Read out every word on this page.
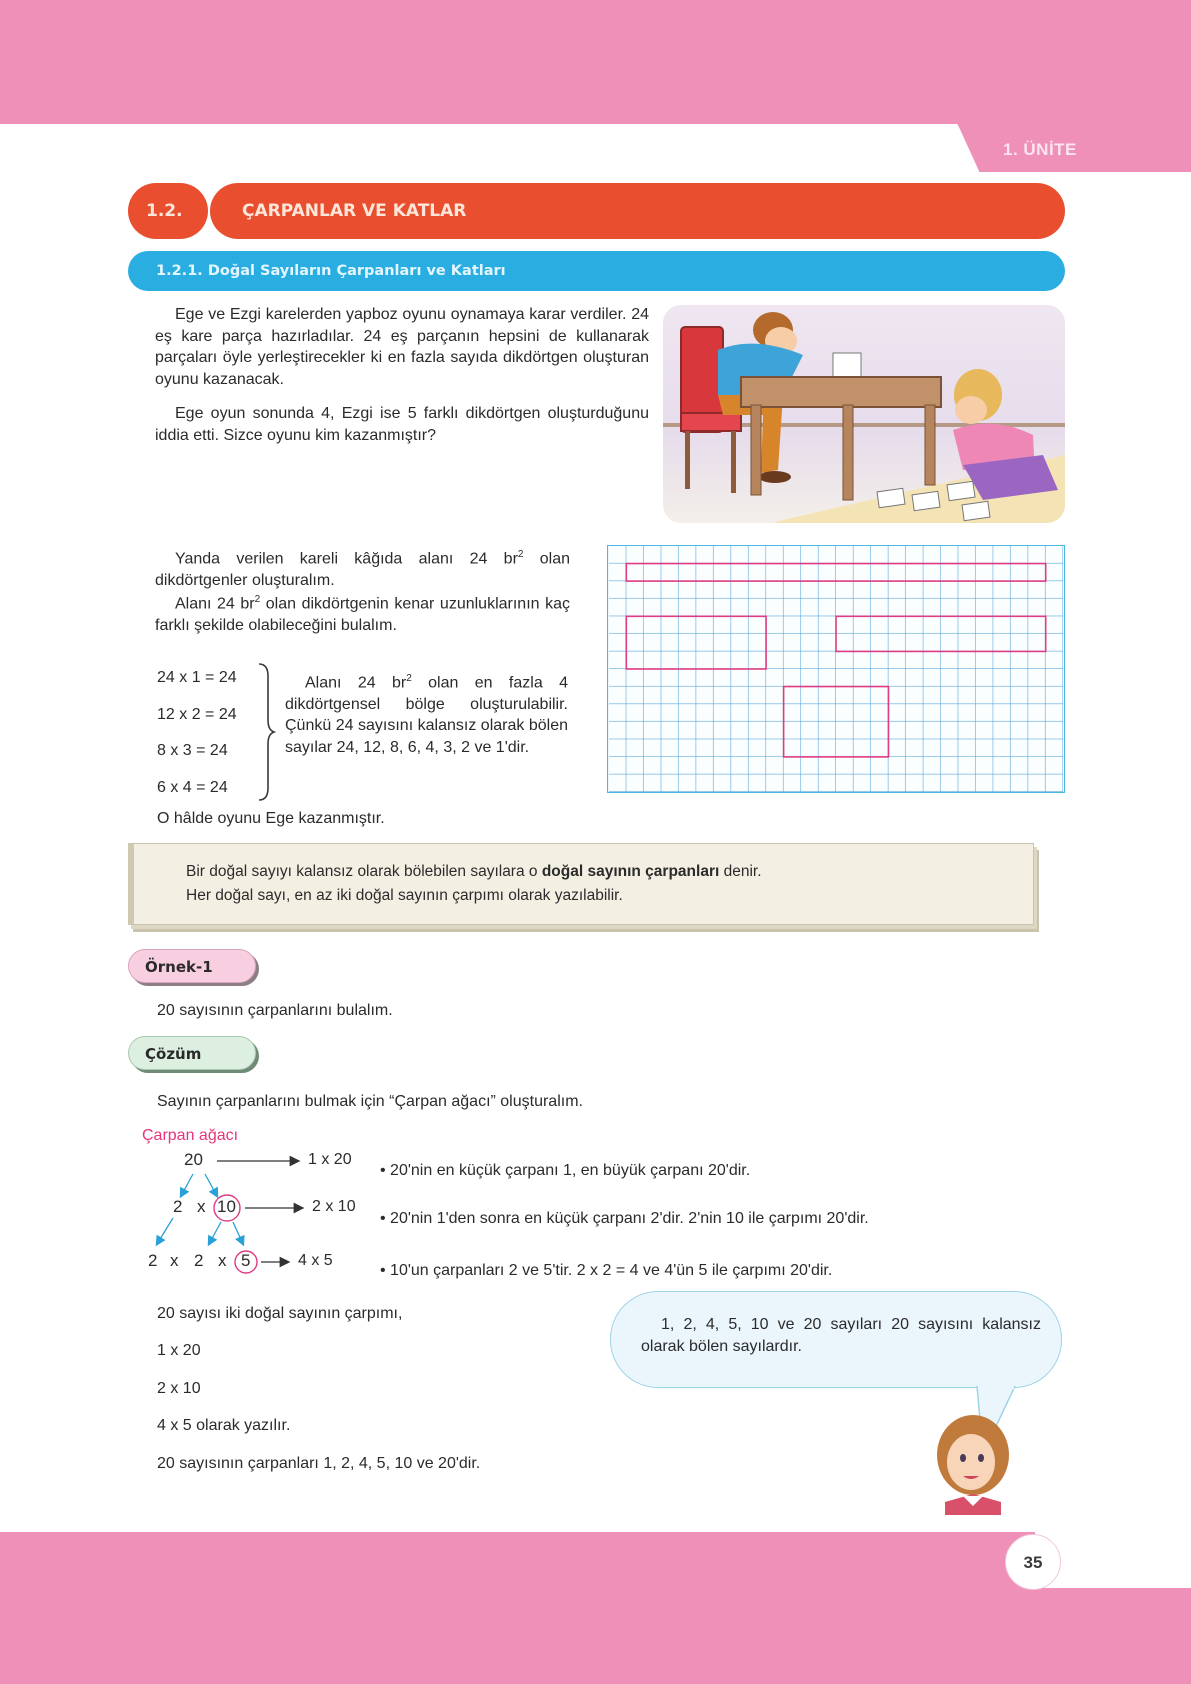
1. ÜNİTE
1.2.	ÇARPANLAR VE KATLAR
1.2.1. Doğal Sayıların Çarpanları ve Katları

Ege ve Ezgi karelerden yapboz oyunu oynamaya karar verdiler. 24 eş kare parça hazırladılar. 24 eş parçanın hepsini de kullanarak parçaları öyle yerleştirecekler ki en fazla sayıda dikdörtgen oluşturan oyunu kazanacak.

Ege oyun sonunda 4, Ezgi ise 5 farklı dikdörtgen oluşturduğunu iddia etti. Sizce oyunu kim kazanmıştır?

Yanda verilen kareli kâğıda alanı 24 $br^2$ olan dikdörtgenler oluşturalım.

Alanı 24 $br^2$ olan dikdörtgenin kenar uzunluklarının kaç farklı şekilde olabileceğini bulalım.

24 x 1 = 24
12 x 2 = 24
8 x 3 = 24
6 x 4 = 24

Alanı 24 $br^2$ olan en fazla 4 dikdörtgensel bölge oluşturulabilir. Çünkü 24 sayısını kalansız olarak bölen sayılar 24, 12, 8, 6, 4, 3, 2 ve 1'dir.

O hâlde oyunu Ege kazanmıştır.

Bir doğal sayıyı kalansız olarak bölebilen sayılara o doğal sayının çarpanları denir.
Her doğal sayı, en az iki doğal sayının çarpımı olarak yazılabilir.
Örnek-1

20 sayısının çarpanlarını bulalım.

Çözüm

Sayının çarpanlarını bulmak için “Çarpan ağacı” oluşturalım.

Çarpan ağacı

20
2 x 10
2 x 2 x 5
1 x 20
2 x 10
4 x 5

• 20'nin en küçük çarpanı 1, en büyük çarpanı 20'dir.

• 20'nin 1'den sonra en küçük çarpanı 2'dir. 2'nin 10 ile çarpımı 20'dir.

• 10'un çarpanları 2 ve 5'tir. 2 x 2 = 4 ve 4'ün 5 ile çarpımı 20'dir.

20 sayısı iki doğal sayının çarpımı,

1 x 20

2 x 10

4 x 5 olarak yazılır.

20 sayısının çarpanları 1, 2, 4, 5, 10 ve 20'dir.

1, 2, 4, 5, 10 ve 20 sayıları 20 sayısını kalansız olarak bölen sayılardır.

35
